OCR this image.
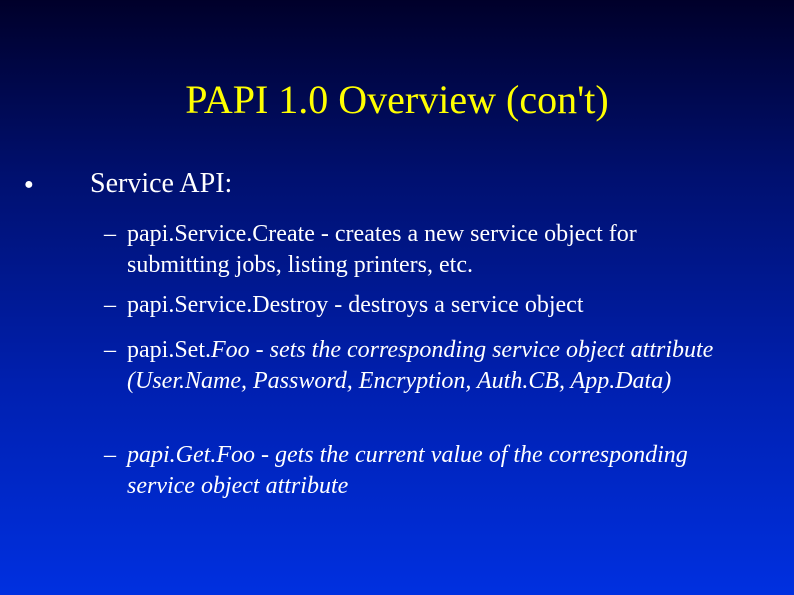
PAPI 1.0 Overview (con't)
● Service API:
– papi.Service.Create - creates a new service object for submitting jobs, listing printers, etc.
– papi.Service.Destroy - destroys a service object
– papi.Set.Foo - sets the corresponding service object attribute (User.Name, Password, Encryption, Auth.CB, App.Data)
– papi.Get.Foo - gets the current value of the corresponding service object attribute
